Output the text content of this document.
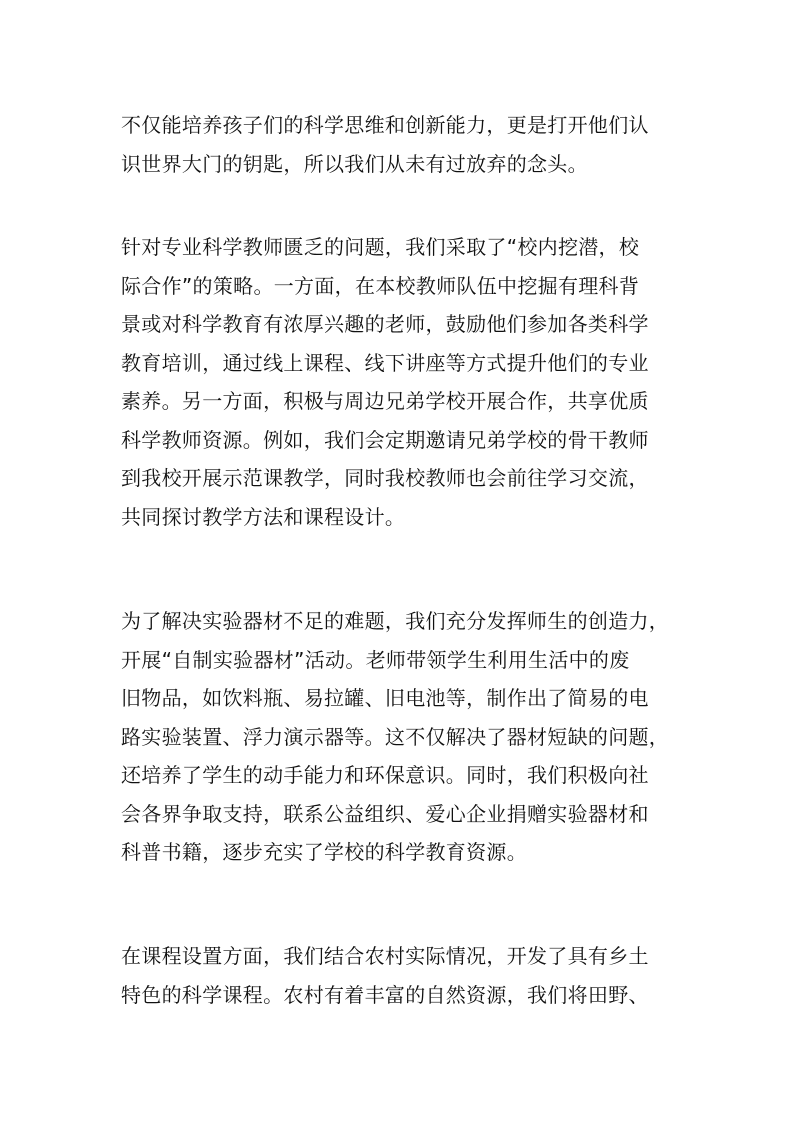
不仅能培养孩子们的科学思维和创新能力，更是打开他们认
识世界大门的钥匙，所以我们从未有过放弃的念头。
针对专业科学教师匮乏的问题，我们采取了“校内挖潜，校
际合作”的策略。一方面，在本校教师队伍中挖掘有理科背
景或对科学教育有浓厚兴趣的老师，鼓励他们参加各类科学
教育培训，通过线上课程、线下讲座等方式提升他们的专业
素养。另一方面，积极与周边兄弟学校开展合作，共享优质
科学教师资源。例如，我们会定期邀请兄弟学校的骨干教师
到我校开展示范课教学，同时我校教师也会前往学习交流，
共同探讨教学方法和课程设计。
为了解决实验器材不足的难题，我们充分发挥师生的创造力，
开展“自制实验器材”活动。老师带领学生利用生活中的废
旧物品，如饮料瓶、易拉罐、旧电池等，制作出了简易的电
路实验装置、浮力演示器等。这不仅解决了器材短缺的问题，
还培养了学生的动手能力和环保意识。同时，我们积极向社
会各界争取支持，联系公益组织、爱心企业捐赠实验器材和
科普书籍，逐步充实了学校的科学教育资源。
在课程设置方面，我们结合农村实际情况，开发了具有乡土
特色的科学课程。农村有着丰富的自然资源，我们将田野、
